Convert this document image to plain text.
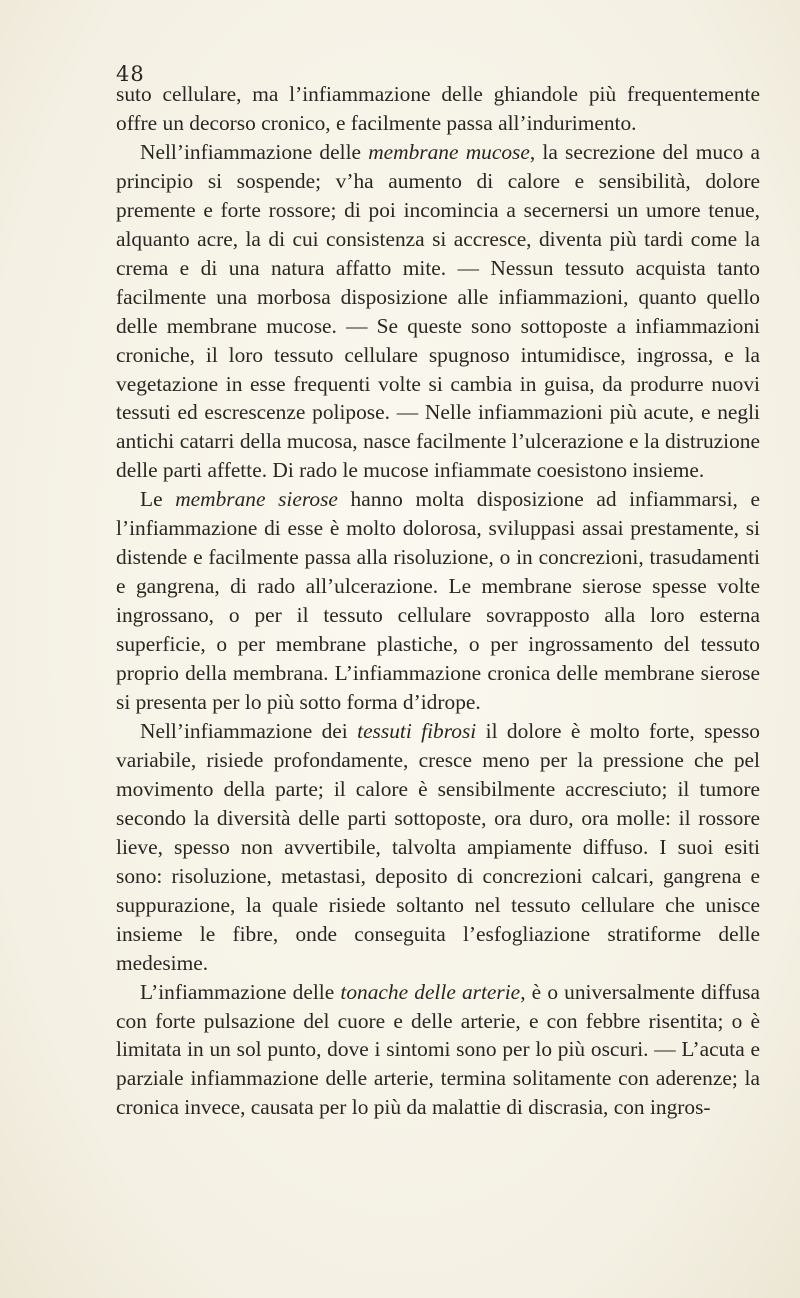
48

suto cellulare, ma l’infiammazione delle ghiandole più frequentemente offre un decorso cronico, e facilmente passa all’indurimento.

Nell’infiammazione delle membrane mucose, la secrezione del muco a principio si sospende; v’ha aumento di calore e sensibilità, dolore premente e forte rossore; di poi incomincia a secernersi un umore tenue, alquanto acre, la di cui consistenza si accresce, diventa più tardi come la crema e di una natura affatto mite. — Nessun tessuto acquista tanto facilmente una morbosa disposizione alle infiammazioni, quanto quello delle membrane mucose. — Se queste sono sottoposte a infiammazioni croniche, il loro tessuto cellulare spugnoso intumidisce, ingrossa, e la vegetazione in esse frequenti volte si cambia in guisa, da produrre nuovi tessuti ed escrescenze polipose. — Nelle infiammazioni più acute, e negli antichi catarri della mucosa, nasce facilmente l’ulcerazione e la distruzione delle parti affette. Di rado le mucose infiammate coesistono insieme.

Le membrane sierose hanno molta disposizione ad infiammarsi, e l’infiammazione di esse è molto dolorosa, sviluppasi assai prestamente, si distende e facilmente passa alla risoluzione, o in concrezioni, trasudamenti e gangrena, di rado all’ulcerazione. Le membrane sierose spesse volte ingrossano, o per il tessuto cellulare sovrapposto alla loro esterna superficie, o per membrane plastiche, o per ingrossamento del tessuto proprio della membrana. L’infiammazione cronica delle membrane sierose si presenta per lo più sotto forma d’idrope.

Nell’infiammazione dei tessuti fibrosi il dolore è molto forte, spesso variabile, risiede profondamente, cresce meno per la pressione che pel movimento della parte; il calore è sensibilmente accresciuto; il tumore secondo la diversità delle parti sottoposte, ora duro, ora molle: il rossore lieve, spesso non avvertibile, talvolta ampiamente diffuso. I suoi esiti sono: risoluzione, metastasi, deposito di concrezioni calcari, gangrena e suppurazione, la quale risiede soltanto nel tessuto cellulare che unisce insieme le fibre, onde conseguita l’esfogliazione stratiforme delle medesime.

L’infiammazione delle tonache delle arterie, è o universalmente diffusa con forte pulsazione del cuore e delle arterie, e con febbre risentita; o è limitata in un sol punto, dove i sintomi sono per lo più oscuri. — L’acuta e parziale infiammazione delle arterie, termina solitamente con aderenze; la cronica invece, causata per lo più da malattie di discrasia, con ingros-
